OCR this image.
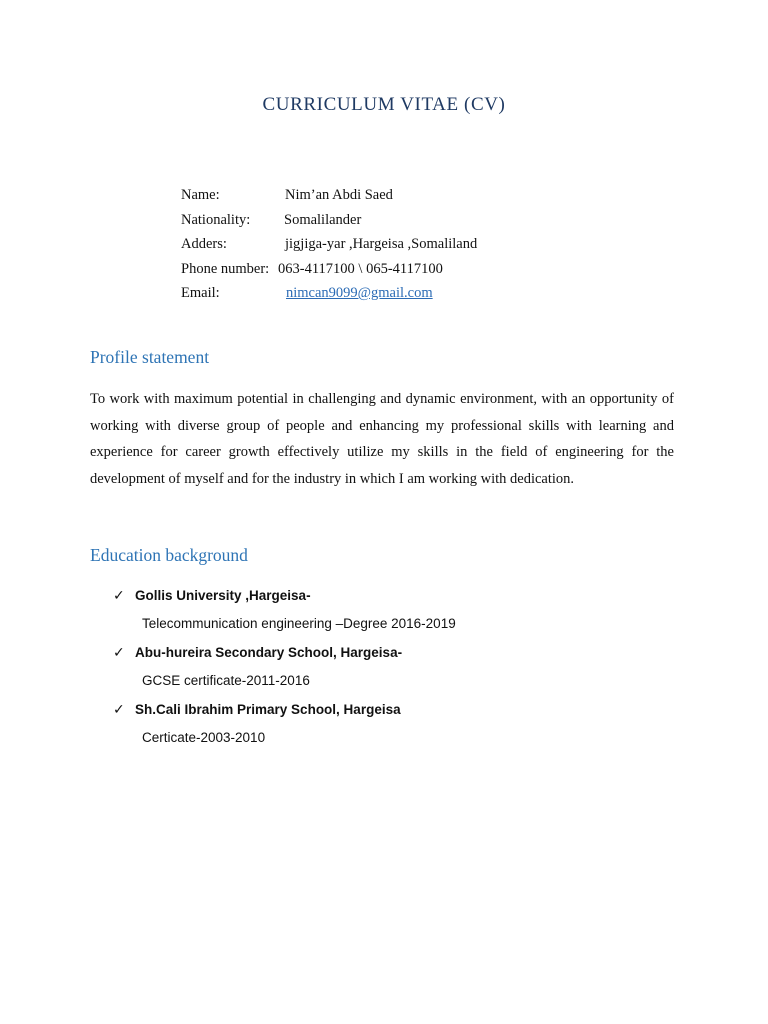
CURRICULUM VITAE (CV)
Name:	Nim’an Abdi Saed
Nationality: Somalilander
Adders:	jigjiga-yar ,Hargeisa ,Somaliland
Phone number: 063-4117100 \ 065-4117100
Email:	nimcan9099@gmail.com
Profile statement
To work with maximum potential in challenging and dynamic environment, with an opportunity of working with diverse group of people and enhancing my professional skills with learning and experience for career growth effectively utilize my skills in the field of engineering for the development of myself and for the industry in which I am working with dedication.
Education background
✓ Gollis University ,Hargeisa-
Telecommunication engineering –Degree 2016-2019
✓ Abu-hureira Secondary School, Hargeisa-
GCSE certificate-2011-2016
✓ Sh.Cali Ibrahim Primary School, Hargeisa
Certicate-2003-2010
